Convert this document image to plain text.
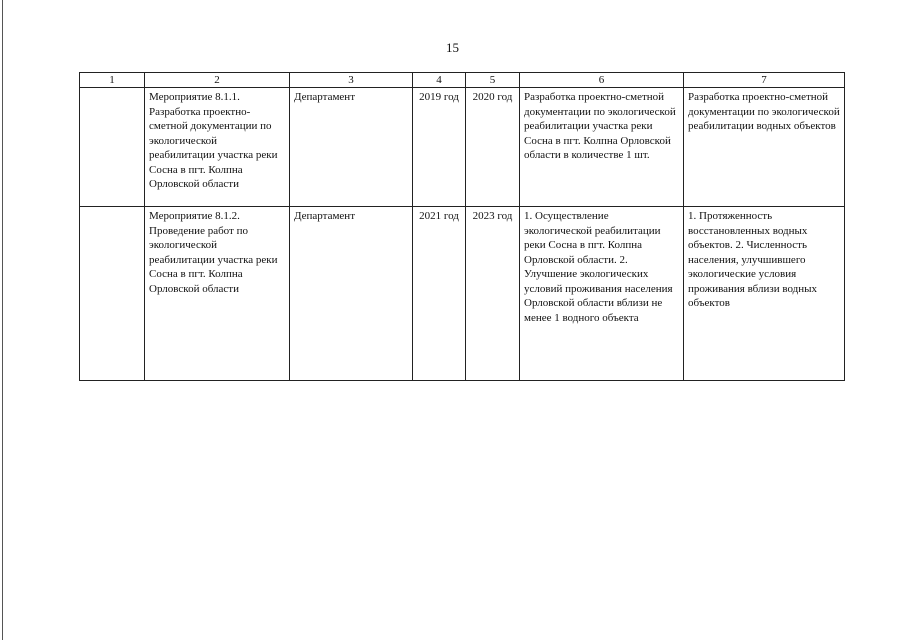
15
1	2	3	4	5	6	7
	Мероприятие 8.1.1. Разработка проектно-сметной документации по экологической реабилитации участка реки Сосна в пгт. Колпна Орловской области	Департамент	2019 год	2020 год	Разработка проектно-сметной документации по экологической реабилитации участка реки Сосна в пгт. Колпна Орловской области в количестве 1 шт.	Разработка проектно-сметной документации по экологической реабилитации водных объектов
	Мероприятие 8.1.2. Проведение работ по экологической реабилитации участка реки Сосна в пгт. Колпна Орловской области	Департамент	2021 год	2023 год	1. Осуществление экологической реабилитации реки Сосна в пгт. Колпна Орловской области. 2. Улучшение экологических условий проживания населения Орловской области вблизи не менее 1 водного объекта	1. Протяженность восстановленных водных объектов. 2. Численность населения, улучшившего экологические условия проживания вблизи водных объектов
